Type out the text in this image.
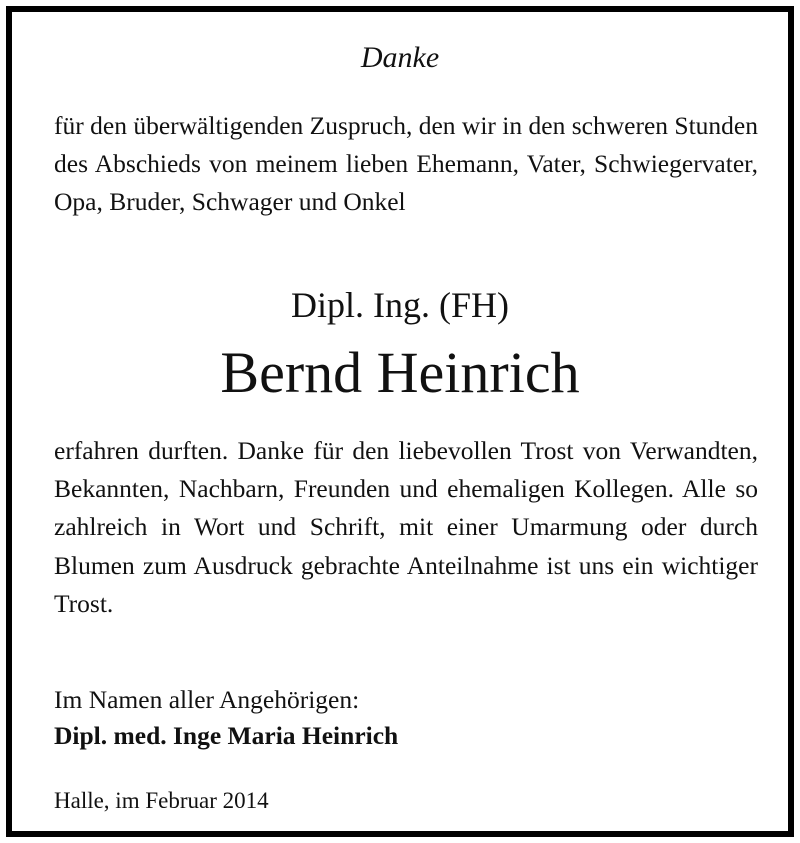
Danke
für den überwältigenden Zuspruch, den wir in den schweren Stunden des Abschieds von meinem lieben Ehemann, Vater, Schwiegervater, Opa, Bruder, Schwager und Onkel
Dipl. Ing. (FH)
Bernd Heinrich
erfahren durften. Danke für den liebevollen Trost von Verwandten, Bekannten, Nachbarn, Freunden und ehemaligen Kollegen. Alle so zahlreich in Wort und Schrift, mit einer Umarmung oder durch Blumen zum Ausdruck gebrachte Anteilnahme ist uns ein wichtiger Trost.
Im Namen aller Angehörigen:
Dipl. med. Inge Maria Heinrich
Halle, im Februar 2014
